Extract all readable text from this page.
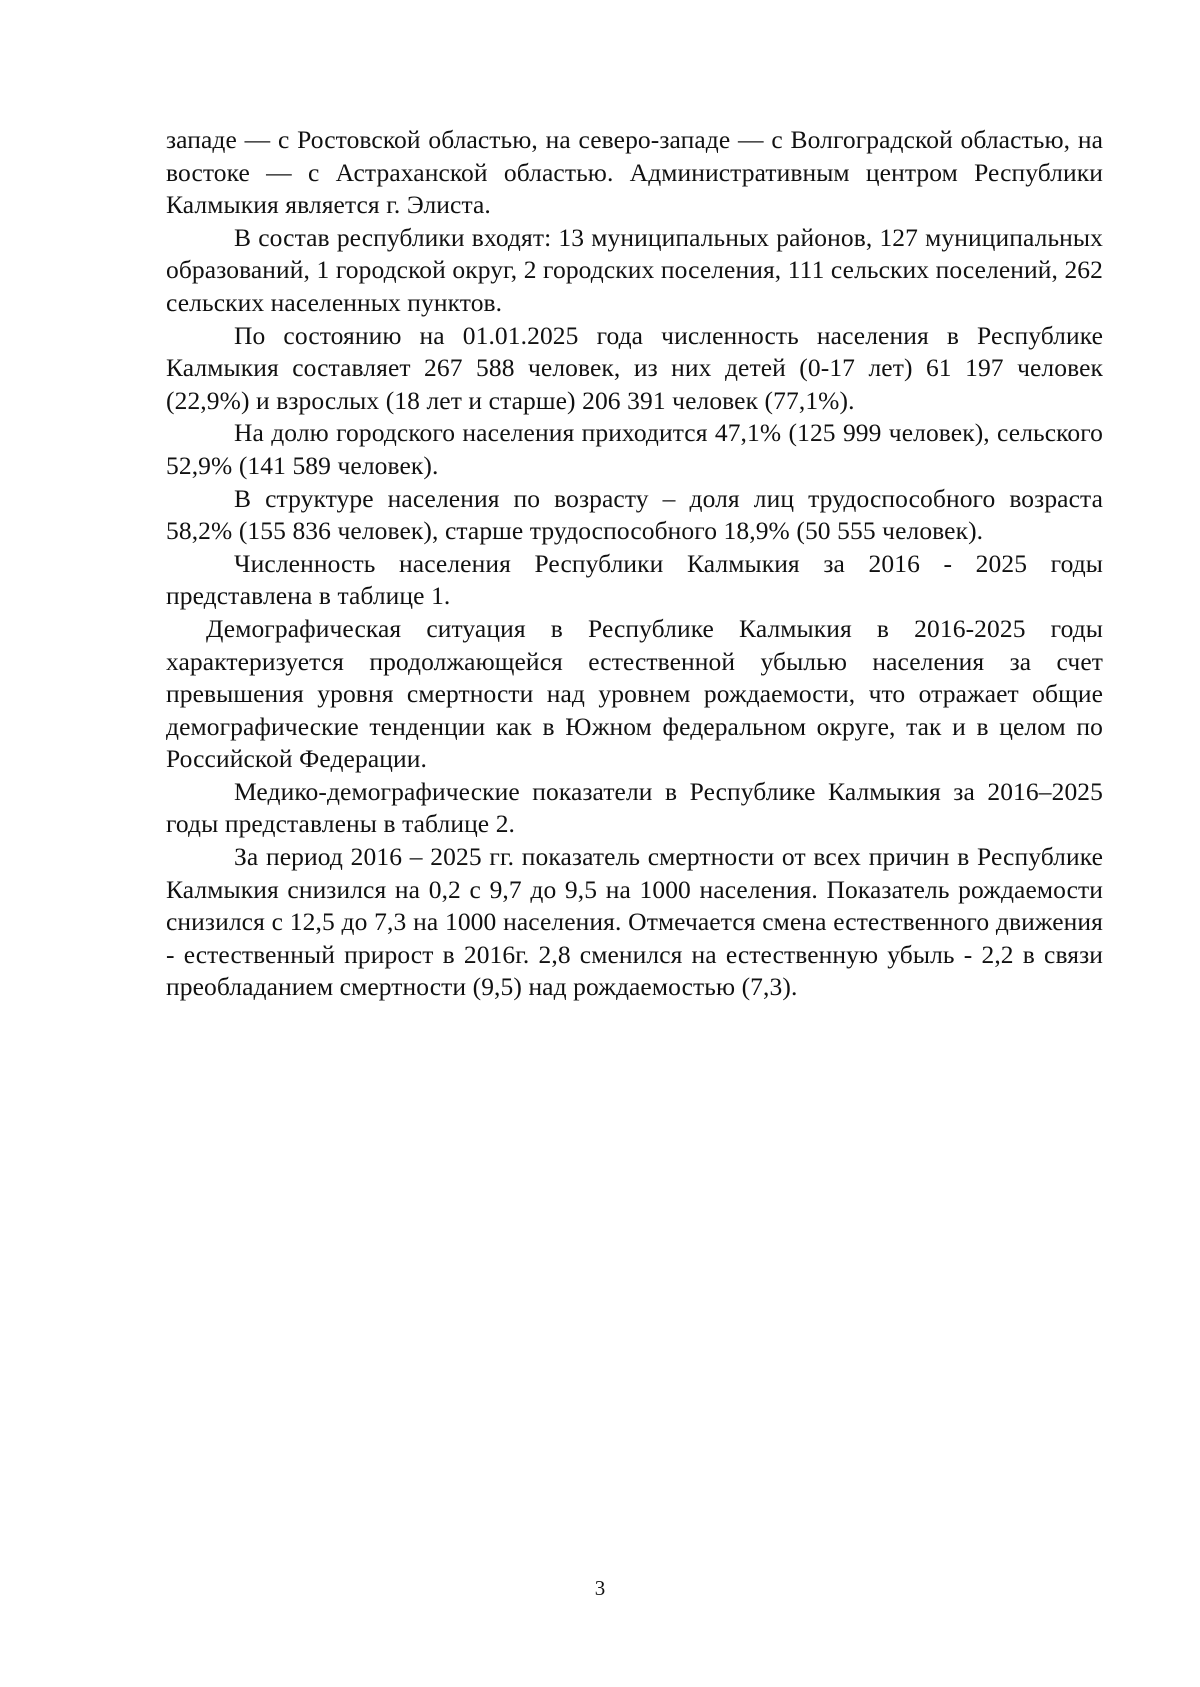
западе — с Ростовской областью, на северо-западе — с Волгоградской областью, на востоке — с Астраханской областью. Административным центром Республики Калмыкия является г. Элиста.

В состав республики входят: 13 муниципальных районов, 127 муниципальных образований, 1 городской округ, 2 городских поселения, 111 сельских поселений, 262 сельских населенных пунктов.

По состоянию на 01.01.2025 года численность населения в Республике Калмыкия составляет 267 588 человек, из них детей (0-17 лет) 61 197 человек (22,9%) и взрослых (18 лет и старше) 206 391 человек (77,1%).

На долю городского населения приходится 47,1% (125 999 человек), сельского 52,9% (141 589 человек).

В структуре населения по возрасту – доля лиц трудоспособного возраста 58,2% (155 836 человек), старше трудоспособного 18,9% (50 555 человек).

Численность населения Республики Калмыкия за 2016 - 2025 годы представлена в таблице 1.

Демографическая ситуация в Республике Калмыкия в 2016-2025 годы характеризуется продолжающейся естественной убылью населения за счет превышения уровня смертности над уровнем рождаемости, что отражает общие демографические тенденции как в Южном федеральном округе, так и в целом по Российской Федерации.

Медико-демографические показатели в Республике Калмыкия за 2016–2025 годы представлены в таблице 2.

За период 2016 – 2025 гг. показатель смертности от всех причин в Республике Калмыкия снизился на 0,2 с 9,7 до 9,5 на 1000 населения. Показатель рождаемости снизился с 12,5 до 7,3 на 1000 населения. Отмечается смена естественного движения - естественный прирост в 2016г. 2,8 сменился на естественную убыль - 2,2 в связи преобладанием смертности (9,5) над рождаемостью (7,3).

3
